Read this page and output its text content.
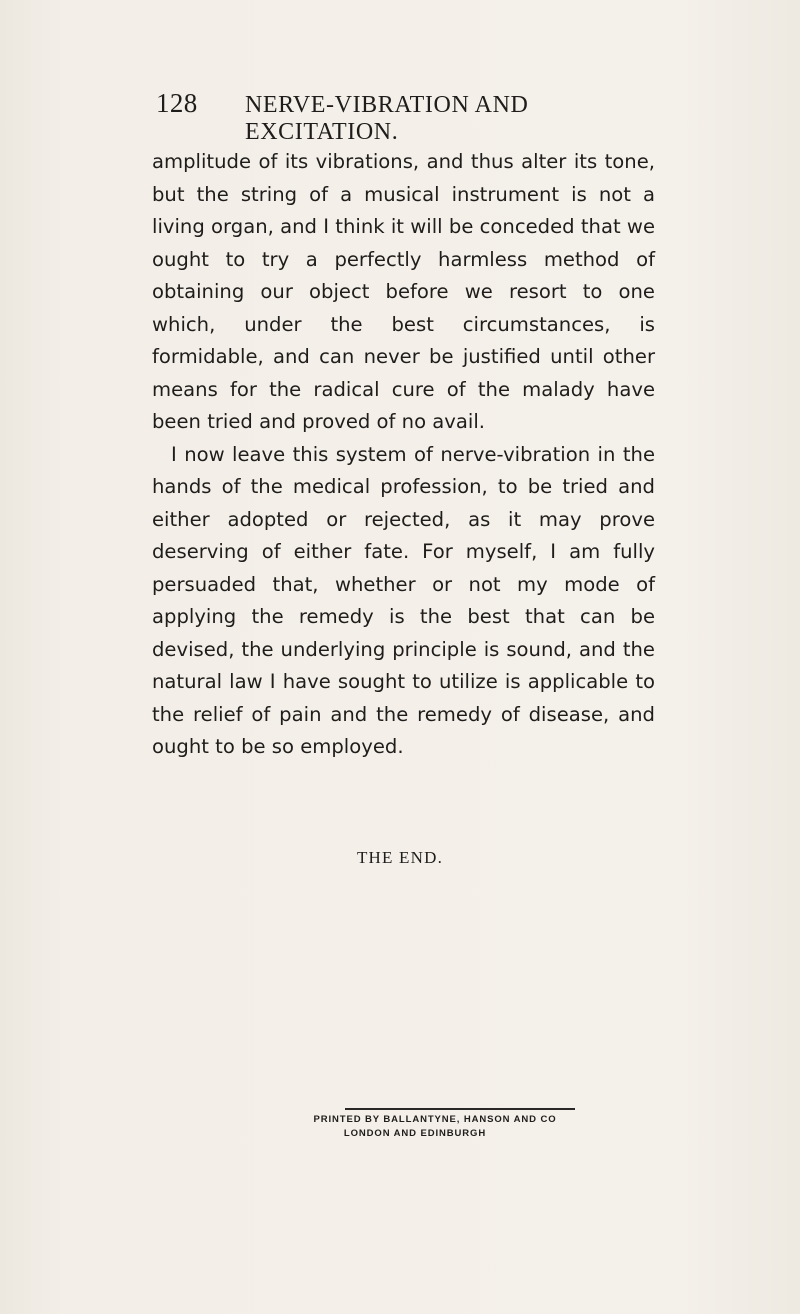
128	NERVE-VIBRATION AND EXCITATION.

amplitude of its vibrations, and thus alter its tone, but the string of a musical instrument is not a living organ, and I think it will be conceded that we ought to try a perfectly harmless method of obtaining our object before we resort to one which, under the best circumstances, is formidable, and can never be justified until other means for the radical cure of the malady have been tried and proved of no avail.

I now leave this system of nerve-vibration in the hands of the medical profession, to be tried and either adopted or rejected, as it may prove deserving of either fate. For myself, I am fully persuaded that, whether or not my mode of applying the remedy is the best that can be devised, the underlying principle is sound, and the natural law I have sought to utilize is applicable to the relief of pain and the remedy of disease, and ought to be so employed.

THE END.
PRINTED BY BALLANTYNE, HANSON AND CO
LONDON AND EDINBURGH
